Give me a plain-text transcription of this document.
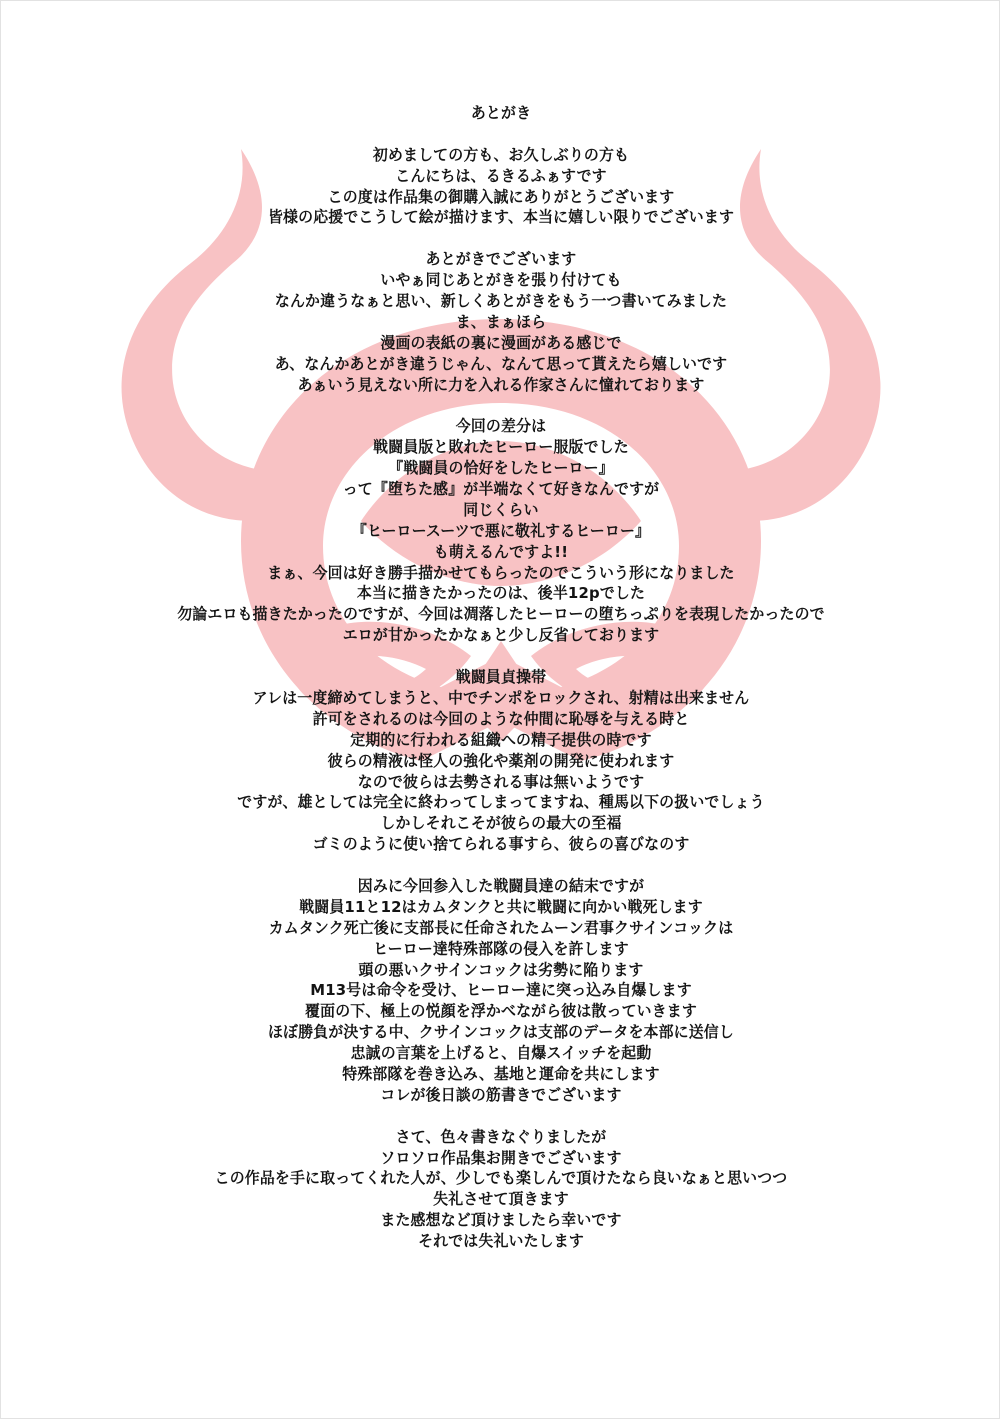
あとがき

初めましての方も、お久しぶりの方も
こんにちは、るきるふぁすです
この度は作品集の御購入誠にありがとうございます
皆様の応援でこうして絵が描けます、本当に嬉しい限りでございます

あとがきでございます
いやぁ同じあとがきを張り付けても
なんか違うなぁと思い、新しくあとがきをもう一つ書いてみました
ま、まぁほら
漫画の表紙の裏に漫画がある感じで
あ、なんかあとがき違うじゃん、なんて思って貰えたら嬉しいです
あぁいう見えない所に力を入れる作家さんに憧れております

今回の差分は
戦闘員版と敗れたヒーロー服版でした
『戦闘員の恰好をしたヒーロー』
って『堕ちた感』が半端なくて好きなんですが
同じくらい
『ヒーロースーツで悪に敬礼するヒーロー』
も萌えるんですよ!!
まぁ、今回は好き勝手描かせてもらったのでこういう形になりました
本当に描きたかったのは、後半12pでした
勿論エロも描きたかったのですが、今回は凋落したヒーローの堕ちっぷりを表現したかったので
エロが甘かったかなぁと少し反省しております

戦闘員貞操帯
アレは一度締めてしまうと、中でチンポをロックされ、射精は出来ません
許可をされるのは今回のような仲間に恥辱を与える時と
定期的に行われる組織への精子提供の時です
彼らの精液は怪人の強化や薬剤の開発に使われます
なので彼らは去勢される事は無いようです
ですが、雄としては完全に終わってしまってますね、種馬以下の扱いでしょう
しかしそれこそが彼らの最大の至福
ゴミのように使い捨てられる事すら、彼らの喜びなのす

因みに今回参入した戦闘員達の結末ですが
戦闘員11と12はカムタンクと共に戦闘に向かい戦死します
カムタンク死亡後に支部長に任命されたムーン君事クサインコックは
ヒーロー達特殊部隊の侵入を許します
頭の悪いクサインコックは劣勢に陥ります
M13号は命令を受け、ヒーロー達に突っ込み自爆します
覆面の下、極上の悦顔を浮かべながら彼は散っていきます
ほぼ勝負が決する中、クサインコックは支部のデータを本部に送信し
忠誠の言葉を上げると、自爆スイッチを起動
特殊部隊を巻き込み、基地と運命を共にします
コレが後日談の筋書きでございます

さて、色々書きなぐりましたが
ソロソロ作品集お開きでございます
この作品を手に取ってくれた人が、少しでも楽しんで頂けたなら良いなぁと思いつつ
失礼させて頂きます
また感想など頂けましたら幸いです
それでは失礼いたします
